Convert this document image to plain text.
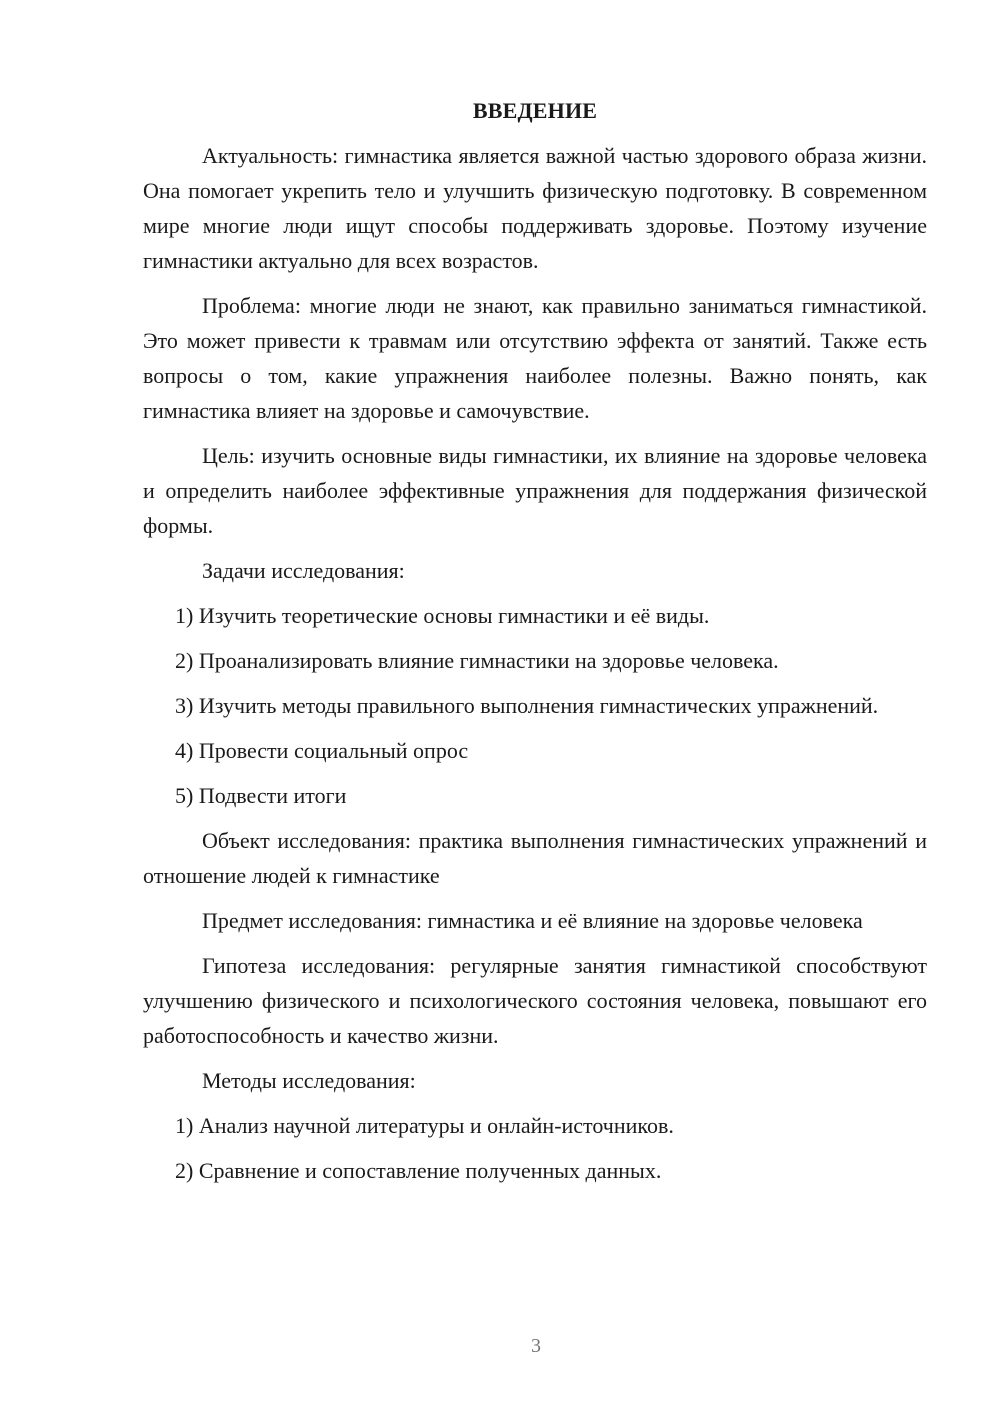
ВВЕДЕНИЕ

Актуальность: гимнастика является важной частью здорового образа жизни. Она помогает укрепить тело и улучшить физическую подготовку. В современном мире многие люди ищут способы поддерживать здоровье. Поэтому изучение гимнастики актуально для всех возрастов.

Проблема: многие люди не знают, как правильно заниматься гимнастикой. Это может привести к травмам или отсутствию эффекта от занятий. Также есть вопросы о том, какие упражнения наиболее полезны. Важно понять, как гимнастика влияет на здоровье и самочувствие.

Цель: изучить основные виды гимнастики, их влияние на здоровье человека и определить наиболее эффективные упражнения для поддержания физической формы.

Задачи исследования:

1) Изучить теоретические основы гимнастики и её виды.

2) Проанализировать влияние гимнастики на здоровье человека.

3) Изучить методы правильного выполнения гимнастических упражнений.

4) Провести социальный опрос

5) Подвести итоги

Объект исследования: практика выполнения гимнастических упражнений и отношение людей к гимнастике

Предмет исследования: гимнастика и её влияние на здоровье человека

Гипотеза исследования: регулярные занятия гимнастикой способствуют улучшению физического и психологического состояния человека, повышают его работоспособность и качество жизни.

Методы исследования:

1) Анализ научной литературы и онлайн-источников.

2) Сравнение и сопоставление полученных данных.

3
